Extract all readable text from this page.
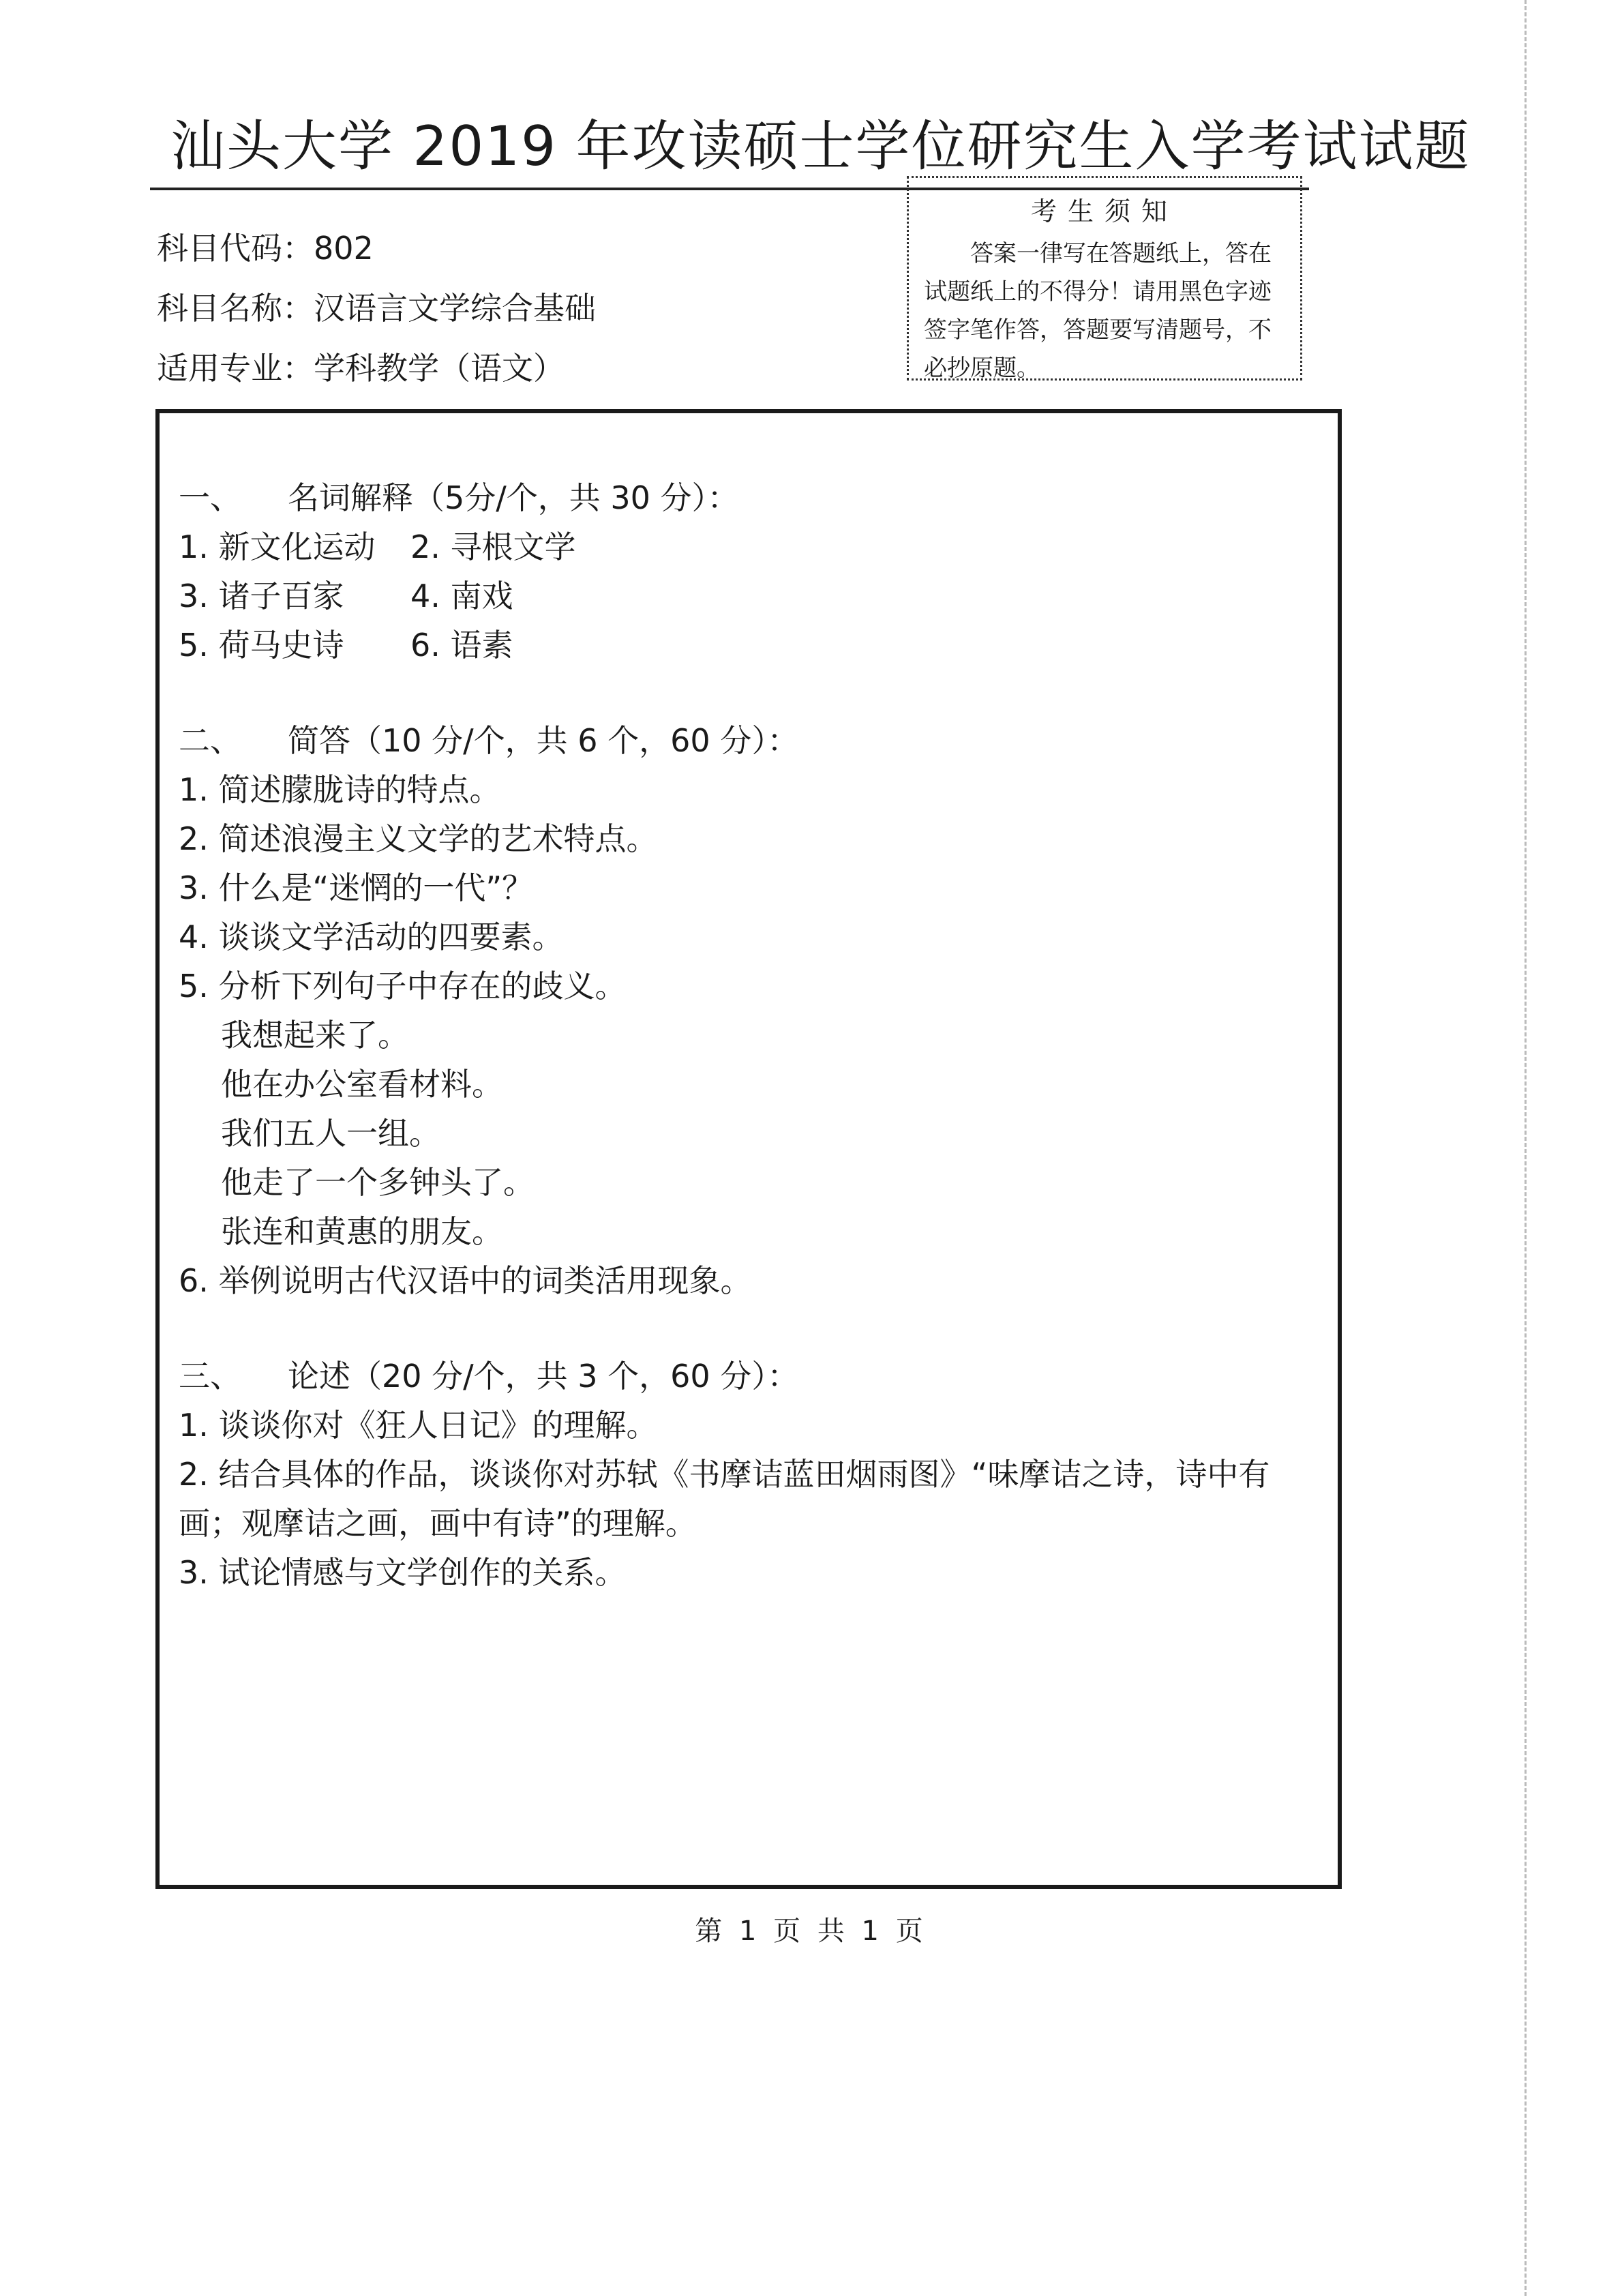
汕头大学 2019 年攻读硕士学位研究生入学考试试题
科目代码：802
科目名称：汉语言文学综合基础
适用专业：学科教学（语文）
考生须知
答案一律写在答题纸上，答在试题纸上的不得分！请用黑色字迹签字笔作答，答题要写清题号，不必抄原题。
一、 名词解释（5分/个，共 30 分）：
1. 新文化运动 2. 寻根文学
3. 诸子百家 4. 南戏
5. 荷马史诗 6. 语素
二、 简答（10 分/个，共 6 个，60 分）：
1. 简述朦胧诗的特点。
2. 简述浪漫主义文学的艺术特点。
3. 什么是“迷惘的一代”？
4. 谈谈文学活动的四要素。
5. 分析下列句子中存在的歧义。
我想起来了。
他在办公室看材料。
我们五人一组。
他走了一个多钟头了。
张连和黄惠的朋友。
6. 举例说明古代汉语中的词类活用现象。
三、 论述（20 分/个，共 3 个，60 分）：
1. 谈谈你对《狂人日记》的理解。
2. 结合具体的作品，谈谈你对苏轼《书摩诘蓝田烟雨图》“味摩诘之诗，诗中有画；观摩诘之画，画中有诗”的理解。
3. 试论情感与文学创作的关系。
第 1 页 共 1 页
